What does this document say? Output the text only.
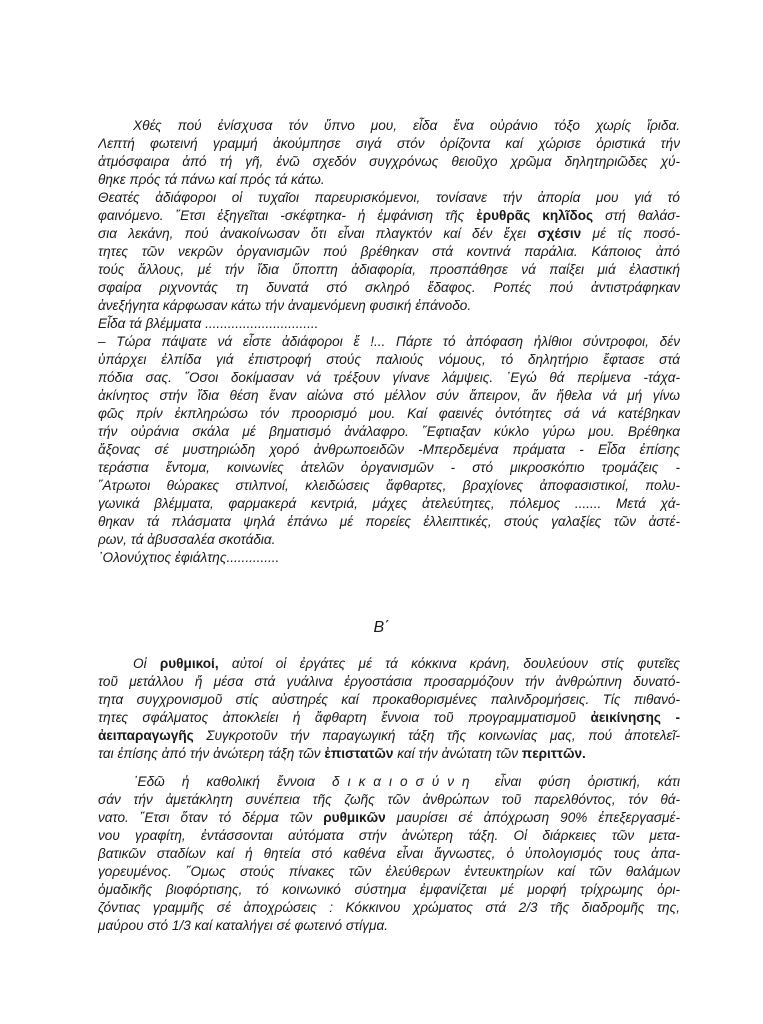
Χθές πού ἐνίσχυσα τόν ὕπνο μου, εἶδα ἕνα οὐράνιο τόξο χωρίς ἴριδα.
Λεπτή φωτεινή γραμμή ἀκούμπησε σιγά στόν ὁρίζοντα καί χώρισε ὁριστικά τήν
ἀτμόσφαιρα ἀπό τή γῆ, ἐνῶ σχεδόν συγχρόνως θειοῦχο χρῶμα δηλητηριῶδες χύ-
θηκε πρός τά πάνω καί πρός τά κάτω.
Θεατές ἀδιάφοροι οἱ τυχαῖοι παρευρισκόμενοι, τονίσανε τήν ἀπορία μου γιά τό
φαινόμενο. ῞Ετσι ἐξηγεῖται -σκέφτηκα- ἡ ἐμφάνιση τῆς ἐρυθρᾶς κηλῖδος στή θαλάσ-
σια λεκάνη, πού ἀνακοίνωσαν ὅτι εἶναι πλαγκτόν καί δέν ἔχει σχέσιν μέ τίς ποσό-
τητες τῶν νεκρῶν ὀργανισμῶν πού βρέθηκαν στά κοντινά παράλια. Κάποιος ἀπό
τούς ἄλλους, μέ τήν ἴδια ὕποπτη ἀδιαφορία, προσπάθησε νά παίξει μιά ἐλαστική
σφαίρα ριχνοντάς τη δυνατά στό σκληρό ἔδαφος. Ροπές πού ἀντιστράφηκαν
ἀνεξήγητα κάρφωσαν κάτω τήν ἀναμενόμενη φυσική ἐπάνοδο.
Εἶδα τά βλέμματα ..............................
– Τώρα πάψατε νά εἶστε ἀδιάφοροι ἔ !... Πάρτε τό ἀπόφαση ἠλίθιοι σύντροφοι, δέν
ὑπάρχει ἐλπίδα γιά ἐπιστροφή στούς παλιούς νόμους, τό δηλητήριο ἔφτασε στά
πόδια σας. ῞Οσοι δοκίμασαν νά τρέξουν γίνανε λάμψεις. ᾿Εγώ θά περίμενα -τάχα-
ἀκίνητος στήν ἴδια θέση ἕναν αἰώνα στό μέλλον σύν ἄπειρον, ἄν ἤθελα νά μή γίνω
φῶς πρίν ἐκπληρώσω τόν προορισμό μου. Καί φαεινές ὀντότητες σά νά κατέβηκαν
τήν οὐράνια σκάλα μέ βηματισμό ἀνάλαφρο. ῞Εφτιαξαν κύκλο γύρω μου. Βρέθηκα
ἄξονας σέ μυστηριώδη χορό ἀνθρωποειδῶν -Μπερδεμένα πράματα - Εἶδα ἐπίσης
τεράστια ἔντομα, κοινωνίες ἀτελῶν ὀργανισμῶν - στό μικροσκόπιο τρομάζεις -
῞Ατρωτοι θώρακες στιλπνοί, κλειδώσεις ἄφθαρτες, βραχίονες ἀποφασιστικοί, πολυ-
γωνικά βλέμματα, φαρμακερά κεντριά, μάχες ἀτελεύτητες, πόλεμος ....... Μετά χά-
θηκαν τά πλάσματα ψηλά ἐπάνω μέ πορείες ἐλλειπτικές, στούς γαλαξίες τῶν ἀστέ-
ρων, τά ἀβυσσαλέα σκοτάδια.
᾿Ολονύχτιος ἐφιάλτης..............
Β΄
Οἱ ρυθμικοί, αὐτοί οἱ ἐργάτες μέ τά κόκκινα κράνη, δουλεύουν στίς φυτεῖες
τοῦ μετάλλου ἤ μέσα στά γυάλινα ἐργοστάσια προσαρμόζουν τήν ἀνθρώπινη δυνατό-
τητα συγχρονισμοῦ στίς αὐστηρές καί προκαθορισμένες παλινδρομήσεις. Τίς πιθανό-
τητες σφάλματος ἀποκλείει ἡ ἄφθαρτη ἔννοια τοῦ προγραμματισμοῦ ἀεικίνησης -
ἀειπαραγωγῆς Συγκροτοῦν τήν παραγωγική τάξη τῆς κοινωνίας μας, πού ἀποτελεῖ-
ται ἐπίσης ἀπό τήν ἀνώτερη τάξη τῶν ἐπιστατῶν καί τήν ἀνώτατη τῶν περιττῶν.
᾿Εδῶ ἡ καθολική ἔννοια δικαιοσύνη εἶναι φύση ὁριστική, κάτι
σάν τήν ἀμετάκλητη συνέπεια τῆς ζωῆς τῶν ἀνθρώπων τοῦ παρελθόντος, τόν θά-
νατο. ῞Ετσι ὅταν τό δέρμα τῶν ρυθμικῶν μαυρίσει σέ ἀπόχρωση 90% ἐπεξεργασμέ-
νου γραφίτη, ἐντάσσονται αὐτόματα στήν ἀνώτερη τάξη. Οἱ διάρκειες τῶν μετα-
βατικῶν σταδίων καί ἡ θητεία στό καθένα εἶναι ἄγνωστες, ὁ ὑπολογισμός τους ἀπα-
γορευμένος. ῞Ομως στούς πίνακες τῶν ἐλεύθερων ἐντευκτηρίων καί τῶν θαλάμων
ὁμαδικῆς βιοφόρτισης, τό κοινωνικό σύστημα ἐμφανίζεται μέ μορφή τρίχρωμης ὁρι-
ζόντιας γραμμῆς σέ ἀποχρώσεις : Κόκκινου χρώματος στά 2/3 τῆς διαδρομῆς της,
μαύρου στό 1/3 καί καταλήγει σέ φωτεινό στίγμα.
